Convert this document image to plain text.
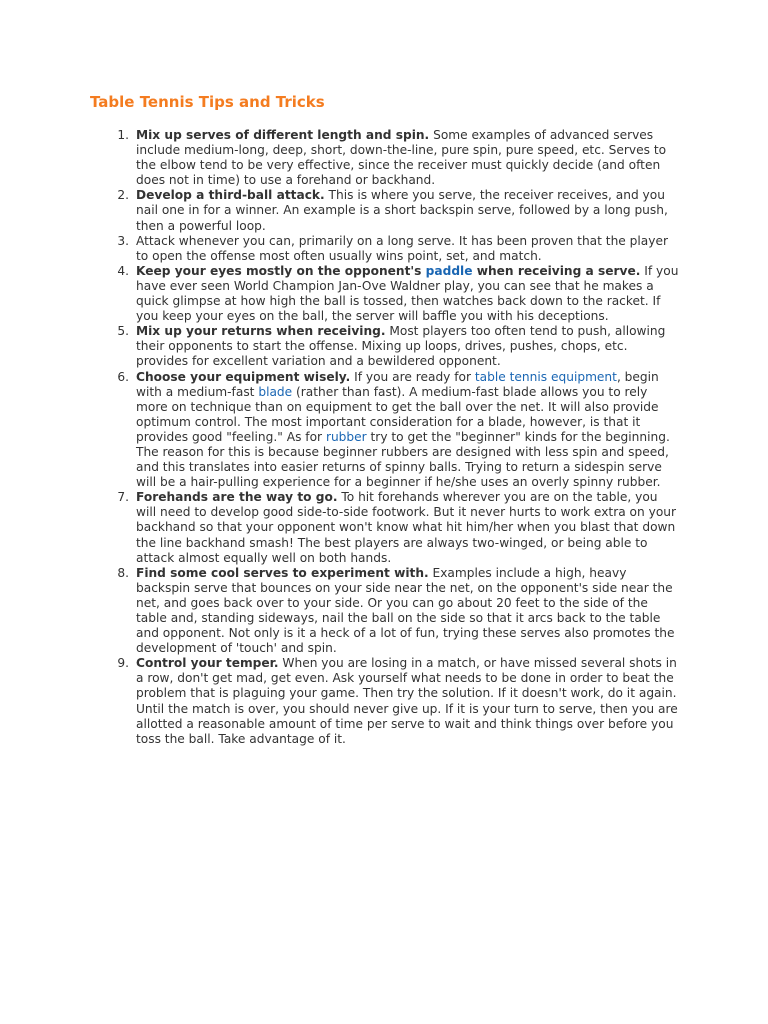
Table Tennis Tips and Tricks
1. Mix up serves of different length and spin. Some examples of advanced serves include medium-long, deep, short, down-the-line, pure spin, pure speed, etc. Serves to the elbow tend to be very effective, since the receiver must quickly decide (and often does not in time) to use a forehand or backhand.
2. Develop a third-ball attack. This is where you serve, the receiver receives, and you nail one in for a winner. An example is a short backspin serve, followed by a long push, then a powerful loop.
3. Attack whenever you can, primarily on a long serve. It has been proven that the player to open the offense most often usually wins point, set, and match.
4. Keep your eyes mostly on the opponent's paddle when receiving a serve. If you have ever seen World Champion Jan-Ove Waldner play, you can see that he makes a quick glimpse at how high the ball is tossed, then watches back down to the racket. If you keep your eyes on the ball, the server will baffle you with his deceptions.
5. Mix up your returns when receiving. Most players too often tend to push, allowing their opponents to start the offense. Mixing up loops, drives, pushes, chops, etc. provides for excellent variation and a bewildered opponent.
6. Choose your equipment wisely. If you are ready for table tennis equipment, begin with a medium-fast blade (rather than fast). A medium-fast blade allows you to rely more on technique than on equipment to get the ball over the net. It will also provide optimum control. The most important consideration for a blade, however, is that it provides good "feeling." As for rubber try to get the "beginner" kinds for the beginning. The reason for this is because beginner rubbers are designed with less spin and speed, and this translates into easier returns of spinny balls. Trying to return a sidespin serve will be a hair-pulling experience for a beginner if he/she uses an overly spinny rubber.
7. Forehands are the way to go. To hit forehands wherever you are on the table, you will need to develop good side-to-side footwork. But it never hurts to work extra on your backhand so that your opponent won't know what hit him/her when you blast that down the line backhand smash! The best players are always two-winged, or being able to attack almost equally well on both hands.
8. Find some cool serves to experiment with. Examples include a high, heavy backspin serve that bounces on your side near the net, on the opponent's side near the net, and goes back over to your side. Or you can go about 20 feet to the side of the table and, standing sideways, nail the ball on the side so that it arcs back to the table and opponent. Not only is it a heck of a lot of fun, trying these serves also promotes the development of 'touch' and spin.
9. Control your temper. When you are losing in a match, or have missed several shots in a row, don't get mad, get even. Ask yourself what needs to be done in order to beat the problem that is plaguing your game. Then try the solution. If it doesn't work, do it again. Until the match is over, you should never give up. If it is your turn to serve, then you are allotted a reasonable amount of time per serve to wait and think things over before you toss the ball. Take advantage of it.
